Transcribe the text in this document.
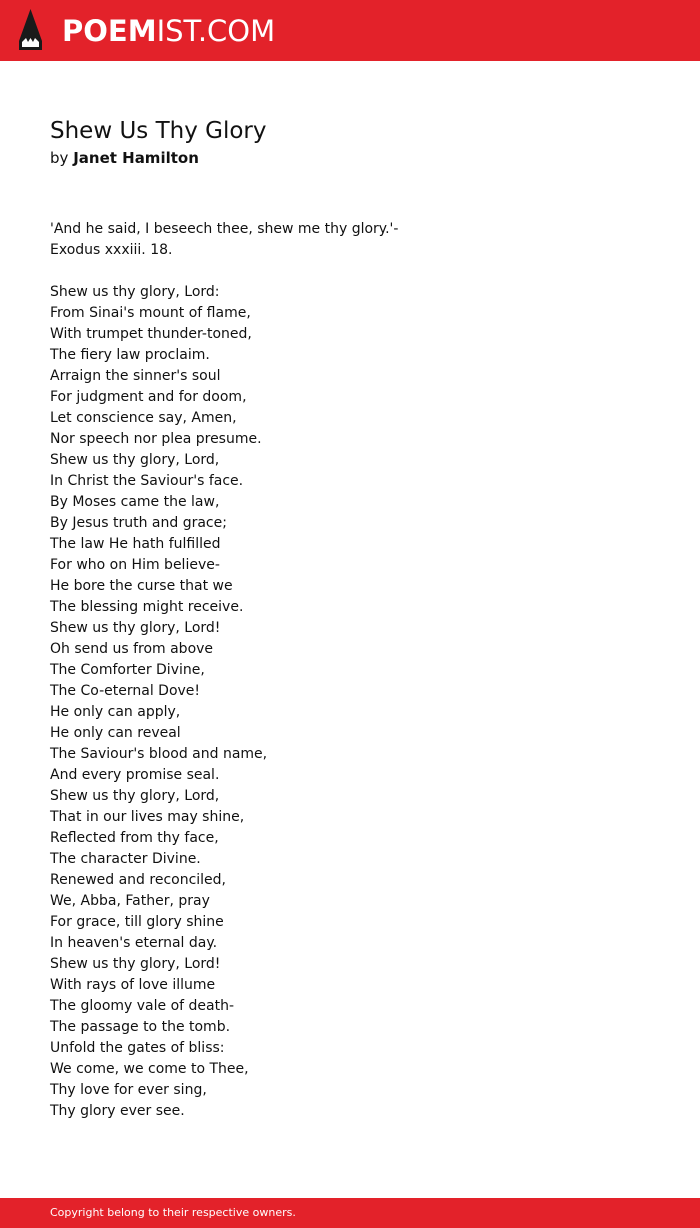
POEMIST.COM
Shew Us Thy Glory
by Janet Hamilton
'And he said, I beseech thee, shew me thy glory.'-
Exodus xxxiii. 18.
Shew us thy glory, Lord:
From Sinai's mount of flame,
With trumpet thunder-toned,
The fiery law proclaim.
Arraign the sinner's soul
For judgment and for doom,
Let conscience say, Amen,
Nor speech nor plea presume.
Shew us thy glory, Lord,
In Christ the Saviour's face.
By Moses came the law,
By Jesus truth and grace;
The law He hath fulfilled
For who on Him believe-
He bore the curse that we
The blessing might receive.
Shew us thy glory, Lord!
Oh send us from above
The Comforter Divine,
The Co-eternal Dove!
He only can apply,
He only can reveal
The Saviour's blood and name,
And every promise seal.
Shew us thy glory, Lord,
That in our lives may shine,
Reflected from thy face,
The character Divine.
Renewed and reconciled,
We, Abba, Father, pray
For grace, till glory shine
In heaven's eternal day.
Shew us thy glory, Lord!
With rays of love illume
The gloomy vale of death-
The passage to the tomb.
Unfold the gates of bliss:
We come, we come to Thee,
Thy love for ever sing,
Thy glory ever see.
Copyright belong to their respective owners.
